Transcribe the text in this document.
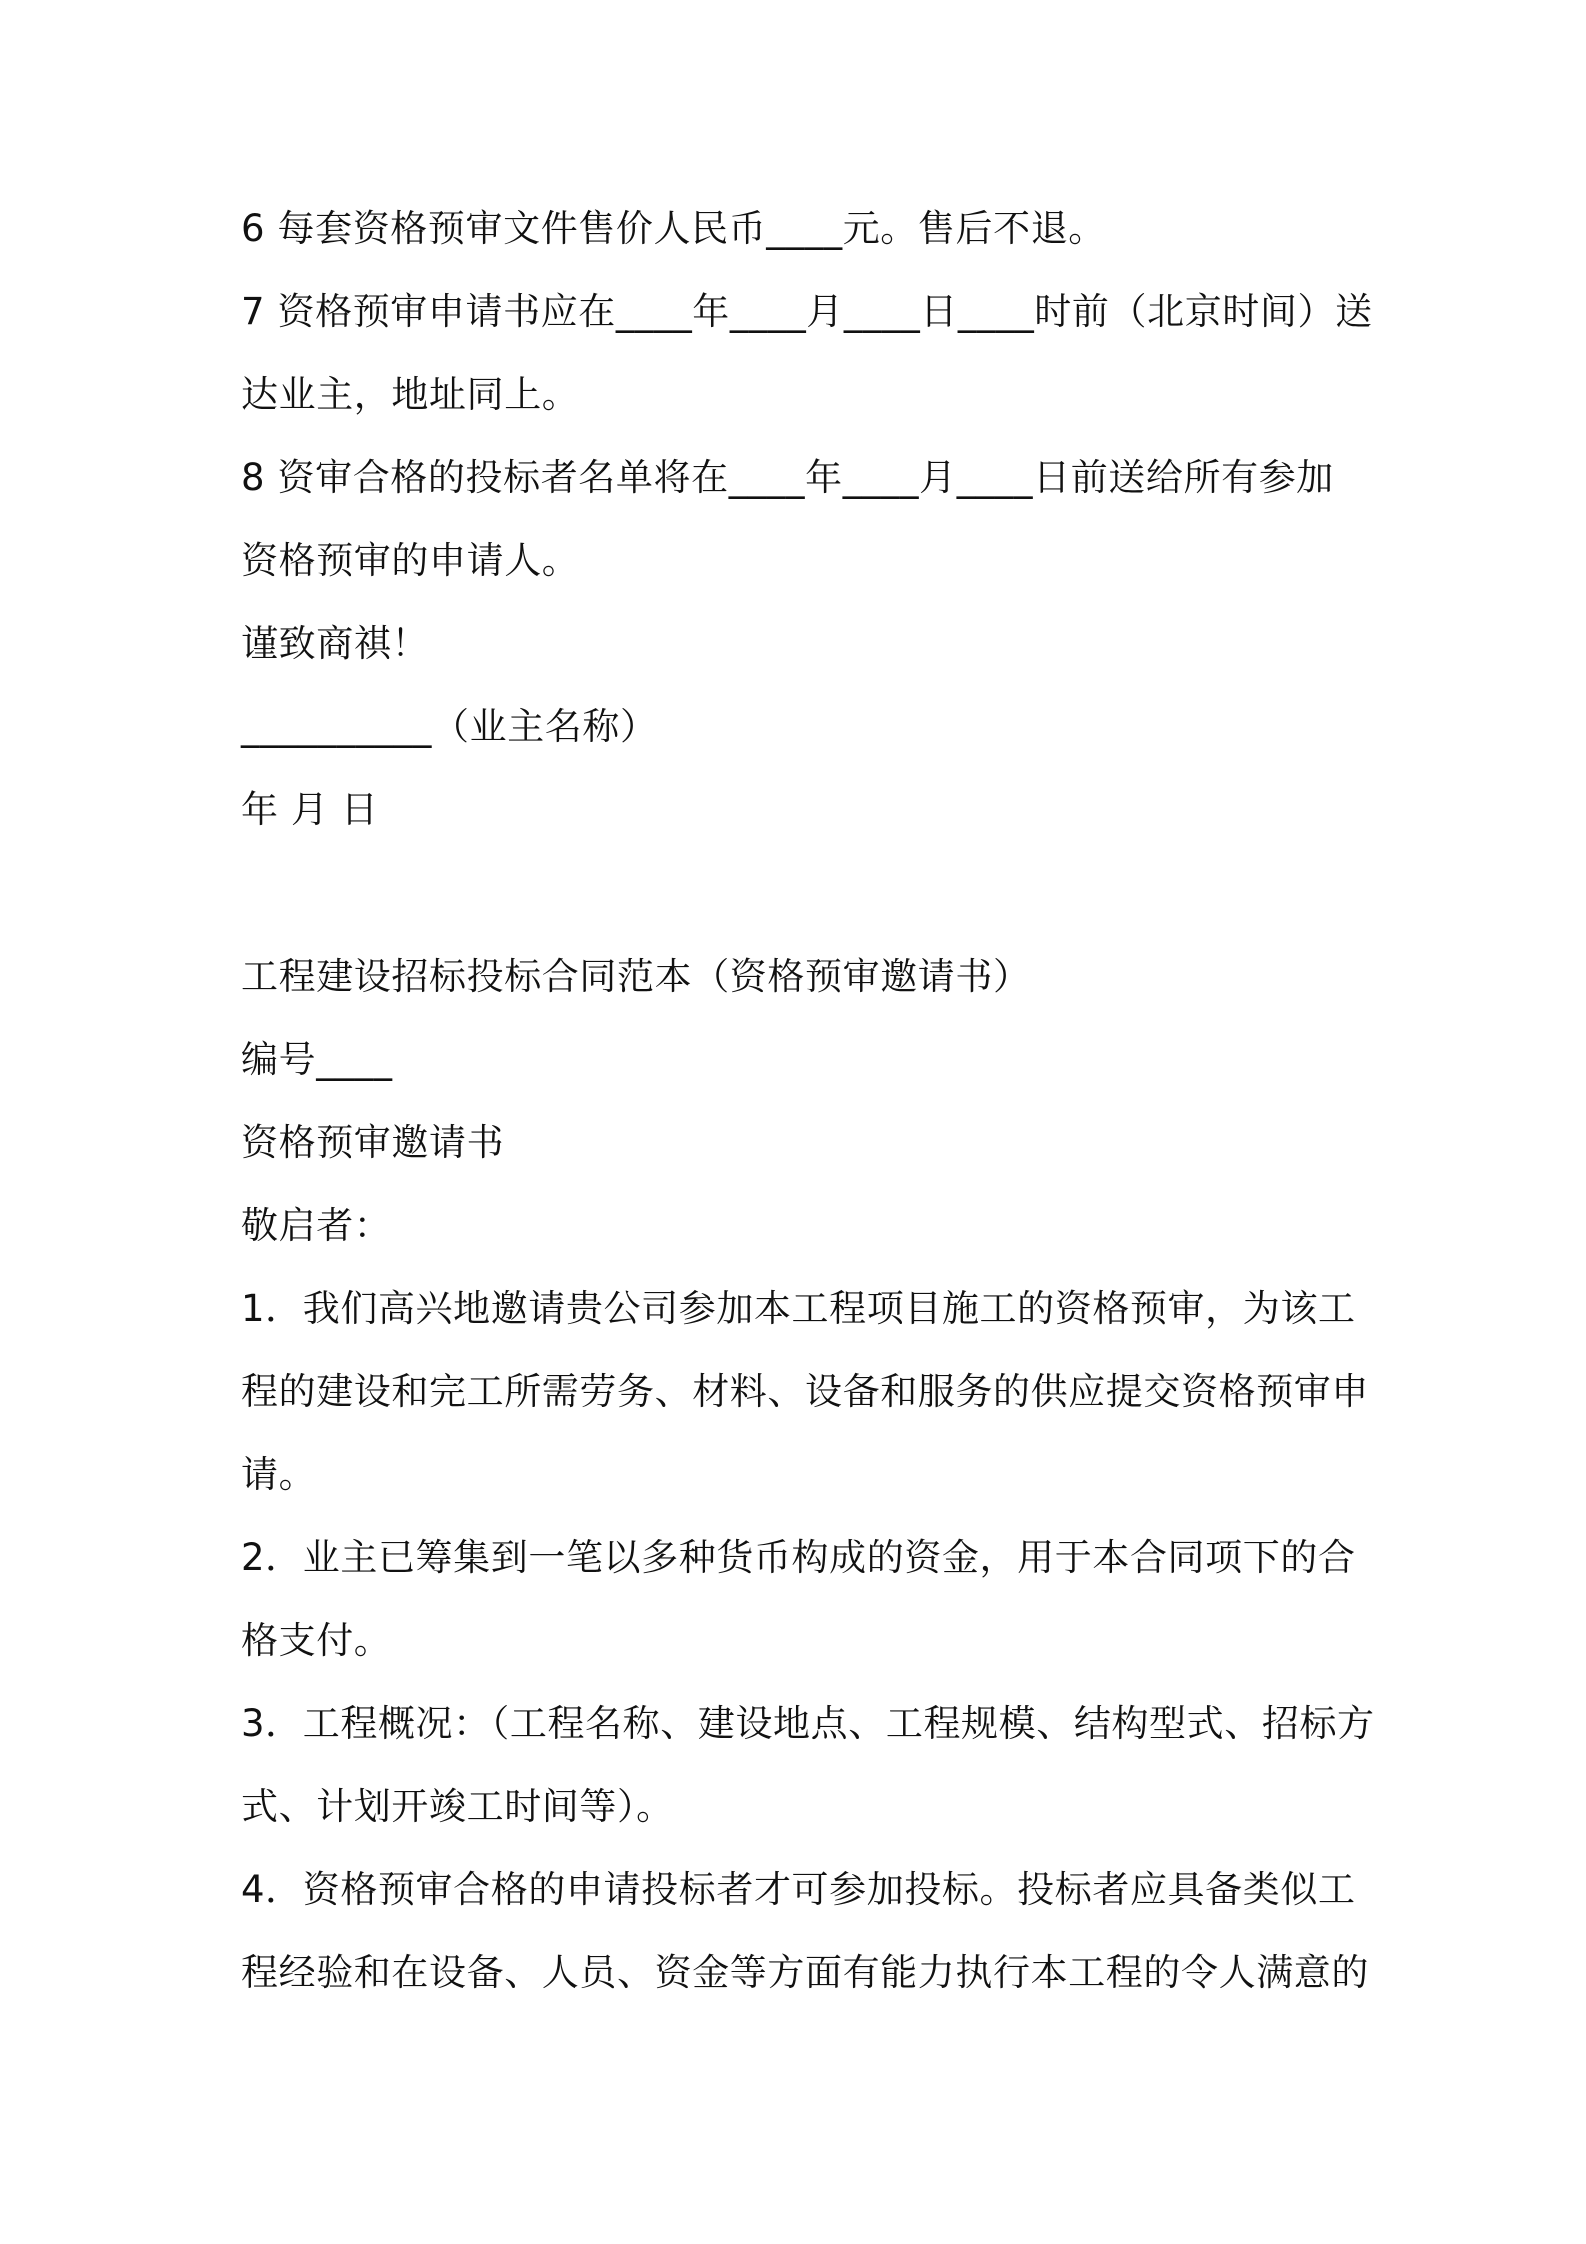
6 每套资格预审文件售价人民币____元。售后不退。
7 资格预审申请书应在____年____月____日____时前（北京时间）送
达业主，地址同上。
8 资审合格的投标者名单将在____年____月____日前送给所有参加
资格预审的申请人。
谨致商祺！
__________（业主名称）
年 月 日
工程建设招标投标合同范本（资格预审邀请书）
编号____
资格预审邀请书
敬启者：
1．我们高兴地邀请贵公司参加本工程项目施工的资格预审，为该工
程的建设和完工所需劳务、材料、设备和服务的供应提交资格预审申
请。
2．业主已筹集到一笔以多种货币构成的资金，用于本合同项下的合
格支付。
3．工程概况：（工程名称、建设地点、工程规模、结构型式、招标方
式、计划开竣工时间等）。
4．资格预审合格的申请投标者才可参加投标。投标者应具备类似工
程经验和在设备、人员、资金等方面有能力执行本工程的令人满意的
